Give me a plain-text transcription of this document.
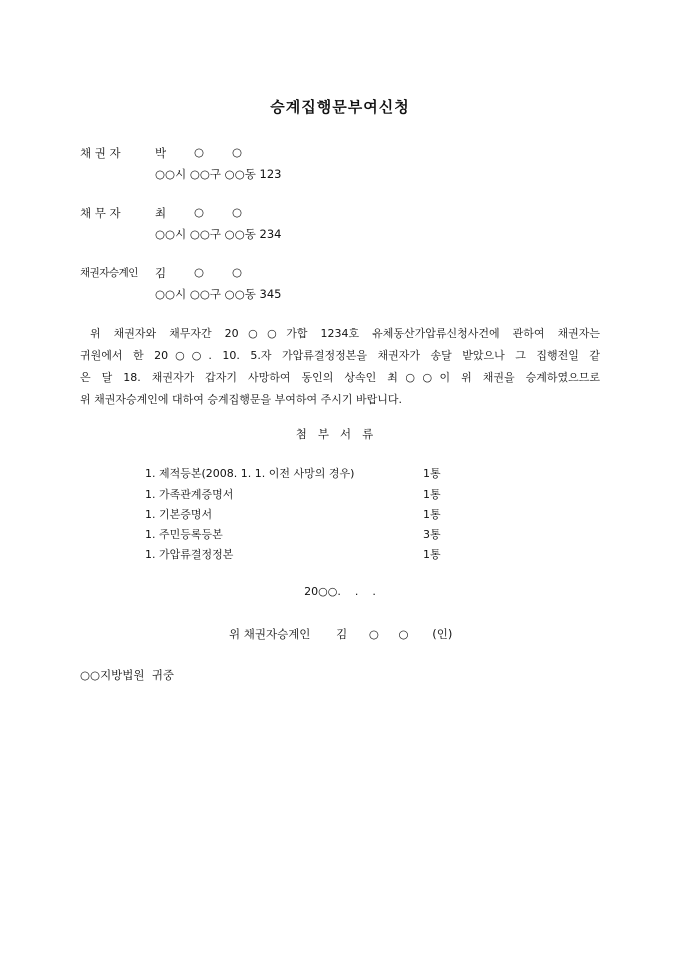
승계집행문부여신청
채 권 자	박 ○ ○
○○시 ○○구 ○○동 123
채 무 자	최 ○ ○
○○시 ○○구 ○○동 234
채권자승계인 김 ○ ○
○○시 ○○구 ○○동 345
위 채권자와 채무자간 20○○가합 1234호 유체동산가압류신청사건에 관하여 채권자는
귀원에서 한 20○○. 10. 5.자 가압류결정정본을 채권자가 송달 받았으나 그 집행전일 같
은 달 18. 채권자가 갑자기 사망하여 동인의 상속인 최○○이 위 채권을 승계하였으므로
위 채권자승계인에 대하여 승계집행문을 부여하여 주시기 바랍니다.
첨부서류
1. 제적등본(2008. 1. 1. 이전 사망의 경우)	1통
1. 가족관계증명서	1통
1. 기본증명서	1통
1. 주민등록등본	3통
1. 가압류결정정본	1통
20○○.    .    .
위 채권자승계인 김 ○ ○ (인)
○○지방법원  귀중
